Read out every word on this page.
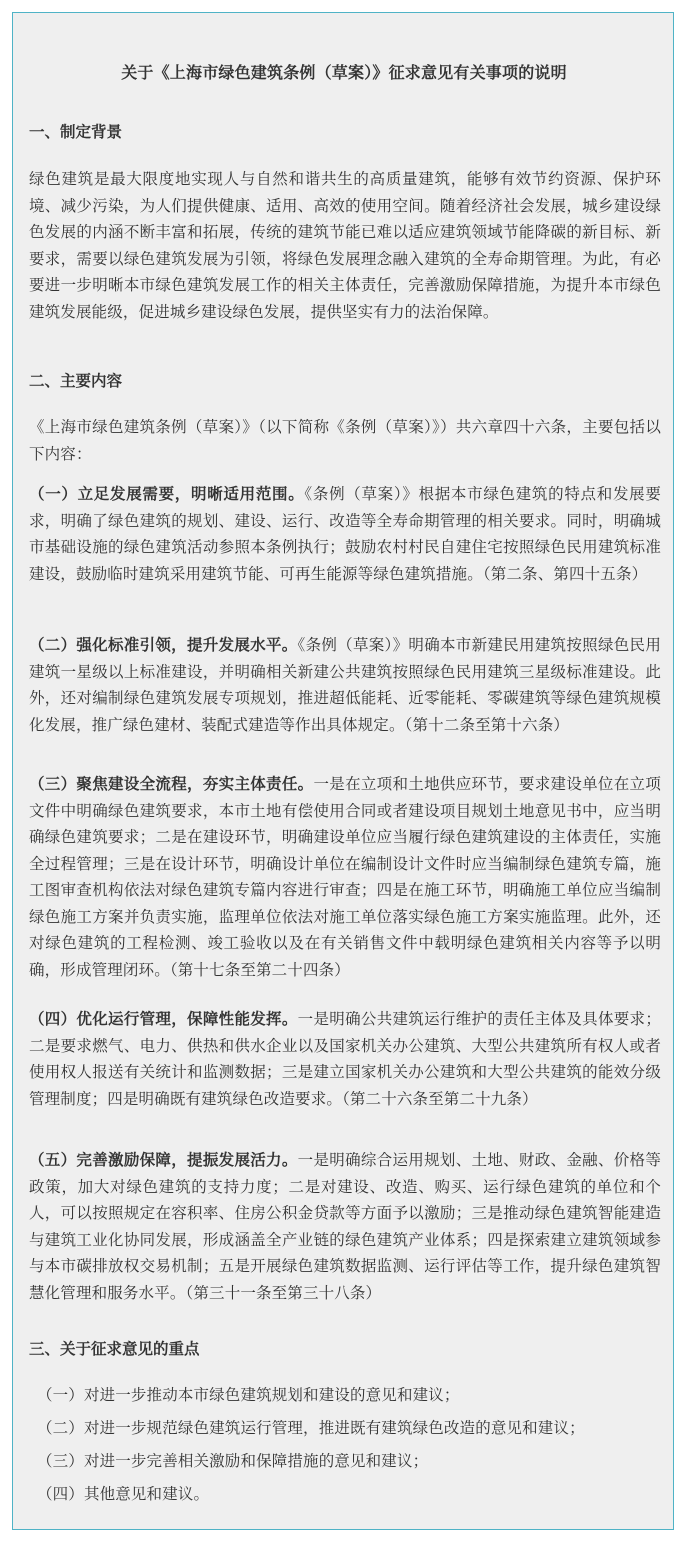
关于《上海市绿色建筑条例（草案）》征求意见有关事项的说明
一、制定背景
绿色建筑是最大限度地实现人与自然和谐共生的高质量建筑，能够有效节约资源、保护环境、减少污染，为人们提供健康、适用、高效的使用空间。随着经济社会发展，城乡建设绿色发展的内涵不断丰富和拓展，传统的建筑节能已难以适应建筑领域节能降碳的新目标、新要求，需要以绿色建筑发展为引领，将绿色发展理念融入建筑的全寿命期管理。为此，有必要进一步明晰本市绿色建筑发展工作的相关主体责任，完善激励保障措施，为提升本市绿色建筑发展能级，促进城乡建设绿色发展，提供坚实有力的法治保障。
二、主要内容
《上海市绿色建筑条例（草案）》（以下简称《条例（草案）》）共六章四十六条，主要包括以下内容：
（一）立足发展需要，明晰适用范围。《条例（草案）》根据本市绿色建筑的特点和发展要求，明确了绿色建筑的规划、建设、运行、改造等全寿命期管理的相关要求。同时，明确城市基础设施的绿色建筑活动参照本条例执行；鼓励农村村民自建住宅按照绿色民用建筑标准建设，鼓励临时建筑采用建筑节能、可再生能源等绿色建筑措施。（第二条、第四十五条）
（二）强化标准引领，提升发展水平。《条例（草案）》明确本市新建民用建筑按照绿色民用建筑一星级以上标准建设，并明确相关新建公共建筑按照绿色民用建筑三星级标准建设。此外，还对编制绿色建筑发展专项规划，推进超低能耗、近零能耗、零碳建筑等绿色建筑规模化发展，推广绿色建材、装配式建造等作出具体规定。（第十二条至第十六条）
（三）聚焦建设全流程，夯实主体责任。一是在立项和土地供应环节，要求建设单位在立项文件中明确绿色建筑要求，本市土地有偿使用合同或者建设项目规划土地意见书中，应当明确绿色建筑要求；二是在建设环节，明确建设单位应当履行绿色建筑建设的主体责任，实施全过程管理；三是在设计环节，明确设计单位在编制设计文件时应当编制绿色建筑专篇，施工图审查机构依法对绿色建筑专篇内容进行审查；四是在施工环节，明确施工单位应当编制绿色施工方案并负责实施，监理单位依法对施工单位落实绿色施工方案实施监理。此外，还对绿色建筑的工程检测、竣工验收以及在有关销售文件中载明绿色建筑相关内容等予以明确，形成管理闭环。（第十七条至第二十四条）
（四）优化运行管理，保障性能发挥。一是明确公共建筑运行维护的责任主体及具体要求；二是要求燃气、电力、供热和供水企业以及国家机关办公建筑、大型公共建筑所有权人或者使用权人报送有关统计和监测数据；三是建立国家机关办公建筑和大型公共建筑的能效分级管理制度；四是明确既有建筑绿色改造要求。（第二十六条至第二十九条）
（五）完善激励保障，提振发展活力。一是明确综合运用规划、土地、财政、金融、价格等政策，加大对绿色建筑的支持力度；二是对建设、改造、购买、运行绿色建筑的单位和个人，可以按照规定在容积率、住房公积金贷款等方面予以激励；三是推动绿色建筑智能建造与建筑工业化协同发展，形成涵盖全产业链的绿色建筑产业体系；四是探索建立建筑领域参与本市碳排放权交易机制；五是开展绿色建筑数据监测、运行评估等工作，提升绿色建筑智慧化管理和服务水平。（第三十一条至第三十八条）
三、关于征求意见的重点
（一）对进一步推动本市绿色建筑规划和建设的意见和建议；
（二）对进一步规范绿色建筑运行管理，推进既有建筑绿色改造的意见和建议；
（三）对进一步完善相关激励和保障措施的意见和建议；
（四）其他意见和建议。
